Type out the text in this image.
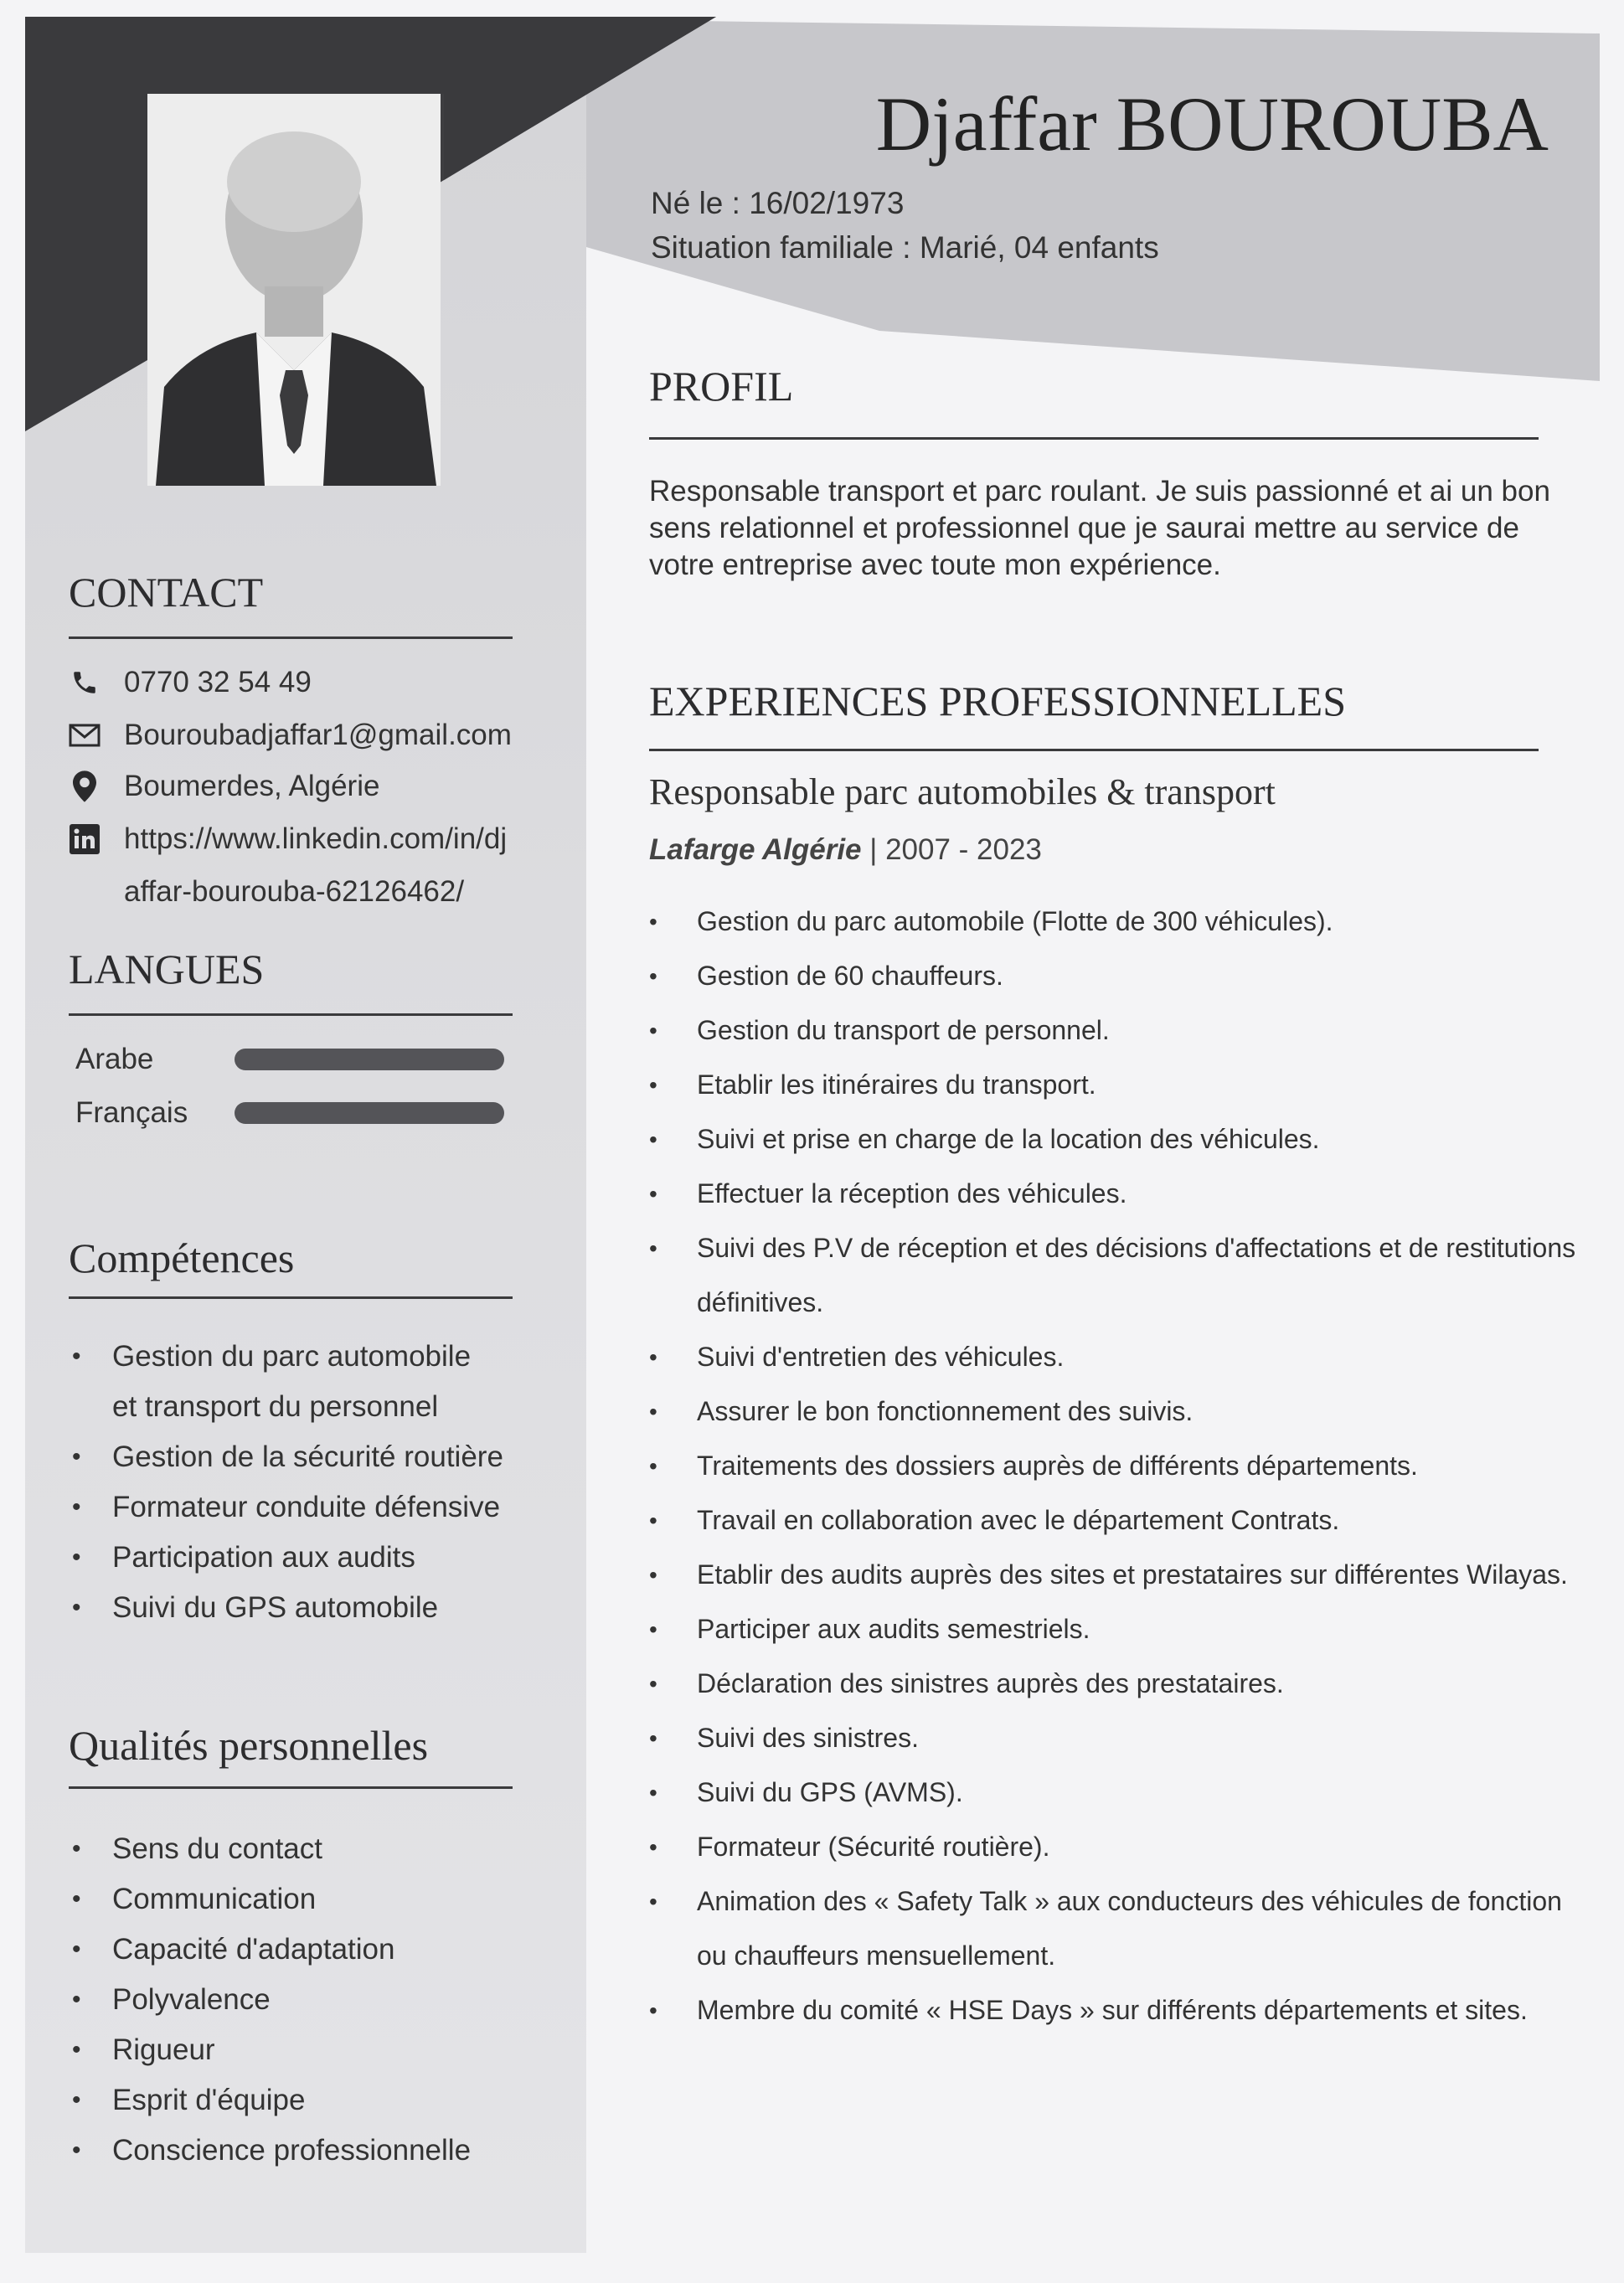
Djaffar BOUROUBA
Né le : 16/02/1973
Situation familiale : Marié, 04 enfants
PROFIL
Responsable transport et parc roulant. Je suis passionné et ai un bon sens relationnel et professionnel que je saurai mettre au service de votre entreprise avec toute mon expérience.
EXPERIENCES PROFESSIONNELLES
Responsable parc automobiles & transport
Lafarge Algérie | 2007 - 2023
• Gestion du parc automobile (Flotte de 300 véhicules).
• Gestion de 60 chauffeurs.
• Gestion du transport de personnel.
• Etablir les itinéraires du transport.
• Suivi et prise en charge de la location des véhicules.
• Effectuer la réception des véhicules.
• Suivi des P.V de réception et des décisions d'affectations et de restitutions définitives.
• Suivi d'entretien des véhicules.
• Assurer le bon fonctionnement des suivis.
• Traitements des dossiers auprès de différents départements.
• Travail en collaboration avec le département Contrats.
• Etablir des audits auprès des sites et prestataires sur différentes Wilayas.
• Participer aux audits semestriels.
• Déclaration des sinistres auprès des prestataires.
• Suivi des sinistres.
• Suivi du GPS (AVMS).
• Formateur (Sécurité routière).
• Animation des « Safety Talk » aux conducteurs des véhicules de fonction ou chauffeurs mensuellement.
• Membre du comité « HSE Days » sur différents départements et sites.
CONTACT
0770 32 54 49
Bouroubadjaffar1@gmail.com
Boumerdes, Algérie
https://www.linkedin.com/in/dj
affar-bourouba-62126462/
LANGUES
Arabe
Français
Compétences
• Gestion du parc automobile
et transport du personnel
• Gestion de la sécurité routière
• Formateur conduite défensive
• Participation aux audits
• Suivi du GPS automobile
Qualités personnelles
• Sens du contact
• Communication
• Capacité d'adaptation
• Polyvalence
• Rigueur
• Esprit d'équipe
• Conscience professionnelle
